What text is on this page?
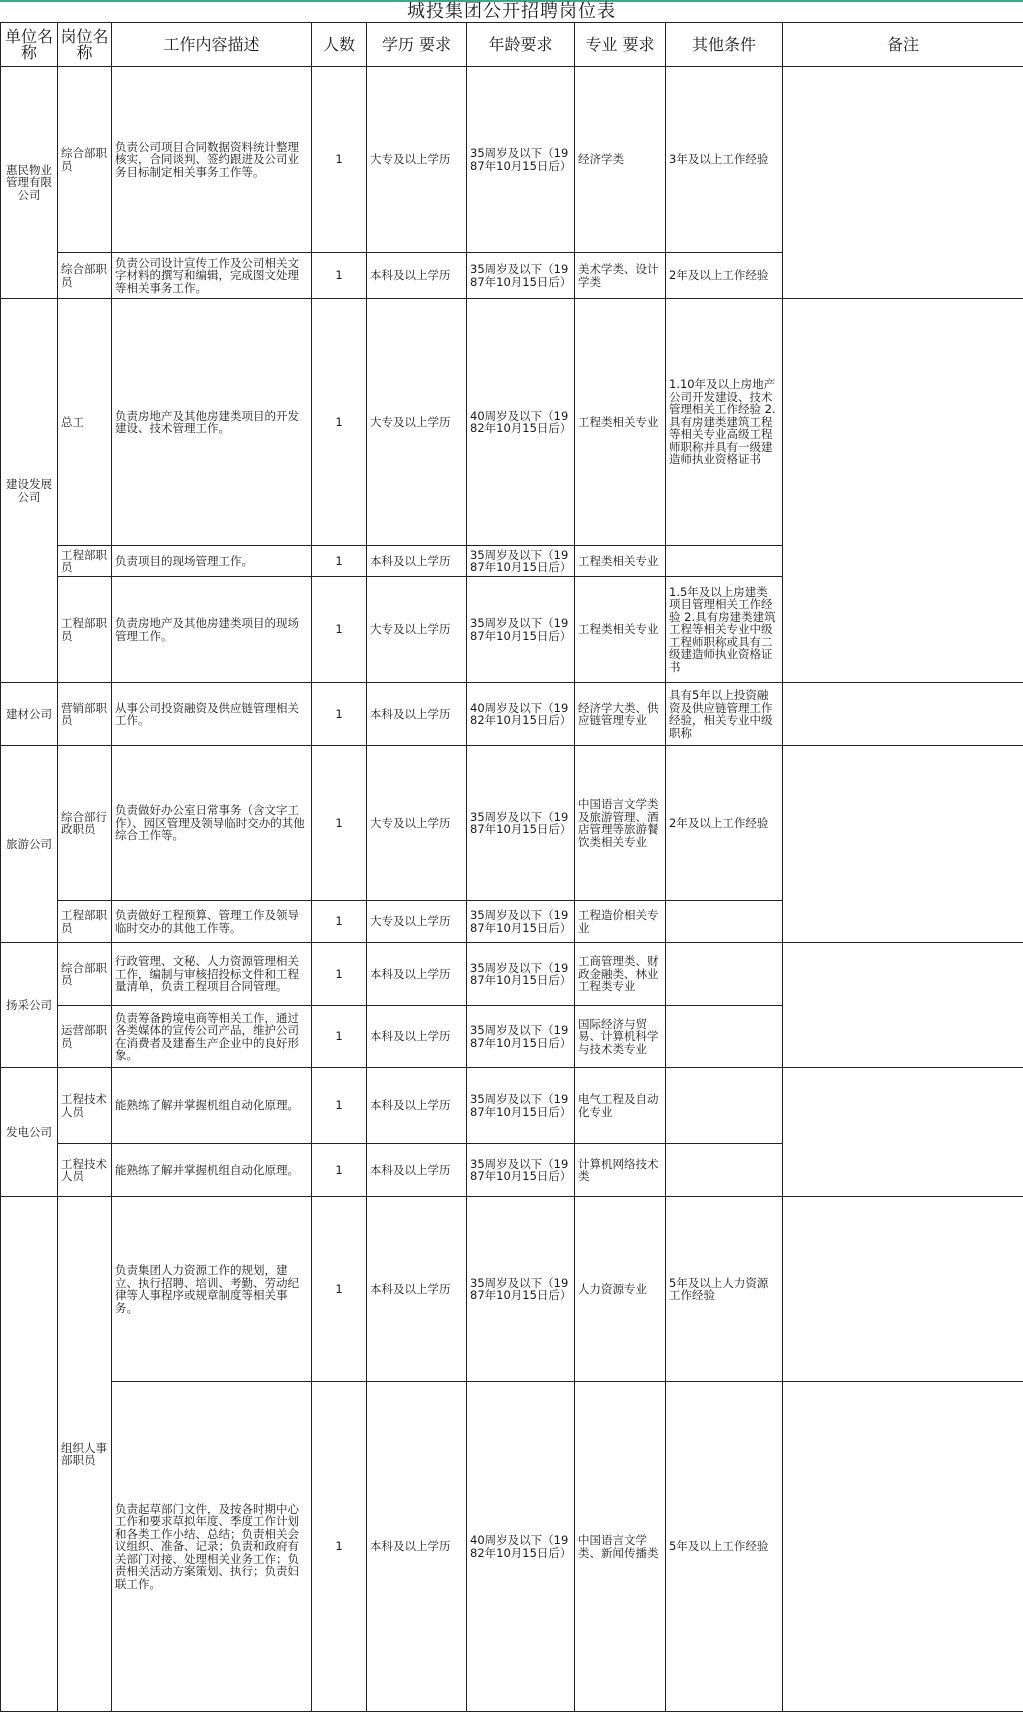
城投集团公开招聘岗位表
单位名称	岗位名称	工作内容描述	人数	学历 要求	年龄要求	专业 要求	其他条件	备注
惠民物业管理有限公司	综合部职员	负责公司项目合同数据资料统计整理核实，合同谈判、签约跟进及公司业务目标制定相关事务工作等。	1	大专及以上学历	35周岁及以下（1987年10月15日后）	经济学类	3年及以上工作经验	
	综合部职员	负责公司设计宣传工作及公司相关文字材料的撰写和编辑，完成图文处理等相关事务工作。	1	本科及以上学历	35周岁及以下（1987年10月15日后）	美术学类、设计学类	2年及以上工作经验	
建设发展公司	总工	负责房地产及其他房建类项目的开发建设、技术管理工作。	1	大专及以上学历	40周岁及以下（1982年10月15日后）	工程类相关专业	1.10年及以上房地产公司开发建设、技术管理相关工作经验 2.具有房建类建筑工程等相关专业高级工程师职称并具有一级建造师执业资格证书	
	工程部职员	负责项目的现场管理工作。	1	本科及以上学历	35周岁及以下（1987年10月15日后）	工程类相关专业		
	工程部职员	负责房地产及其他房建类项目的现场管理工作。	1	大专及以上学历	35周岁及以下（1987年10月15日后）	工程类相关专业	1.5年及以上房建类项目管理相关工作经验 2.具有房建类建筑工程等相关专业中级工程师职称或具有二级建造师执业资格证书	
建材公司	营销部职员	从事公司投资融资及供应链管理相关工作。	1	本科及以上学历	40周岁及以下（1982年10月15日后）	经济学大类、供应链管理专业	具有5年以上投资融资及供应链管理工作经验，相关专业中级职称	
旅游公司	综合部行政职员	负责做好办公室日常事务（含文字工作）、园区管理及领导临时交办的其他综合工作等。	1	大专及以上学历	35周岁及以下（1987年10月15日后）	中国语言文学类及旅游管理、酒店管理等旅游餐饮类相关专业	2年及以上工作经验	
	工程部职员	负责做好工程预算、管理工作及领导临时交办的其他工作等。	1	大专及以上学历	35周岁及以下（1987年10月15日后）	工程造价相关专业		
扬采公司	综合部职员	行政管理、文秘、人力资源管理相关工作，编制与审核招投标文件和工程量清单，负责工程项目合同管理。	1	本科及以上学历	35周岁及以下（1987年10月15日后）	工商管理类、财政金融类、林业工程类专业		
	运营部职员	负责筹备跨境电商等相关工作，通过各类媒体的宣传公司产品，维护公司在消费者及建畜生产企业中的良好形象。	1	本科及以上学历	35周岁及以下（1987年10月15日后）	国际经济与贸易、计算机科学与技术类专业		
发电公司	工程技术人员	能熟练了解并掌握机组自动化原理。	1	本科及以上学历	35周岁及以下（1987年10月15日后）	电气工程及自动化专业		
	工程技术人员	能熟练了解并掌握机组自动化原理。	1	本科及以上学历	35周岁及以下（1987年10月15日后）	计算机网络技术类		
	组织人事部职员	负责集团人力资源工作的规划，建立、执行招聘、培训、考勤、劳动纪律等人事程序或规章制度等相关事务。	1	本科及以上学历	35周岁及以下（1987年10月15日后）	人力资源专业	5年及以上人力资源工作经验	
		负责起草部门文件，及按各时期中心工作和要求草拟年度、季度工作计划和各类工作小结、总结；负责相关会议组织、准备、记录；负责和政府有关部门对接、处理相关业务工作；负责相关活动方案策划、执行；负责妇联工作。	1	本科及以上学历	40周岁及以下（1982年10月15日后）	中国语言文学类、新闻传播类	5年及以上工作经验	
